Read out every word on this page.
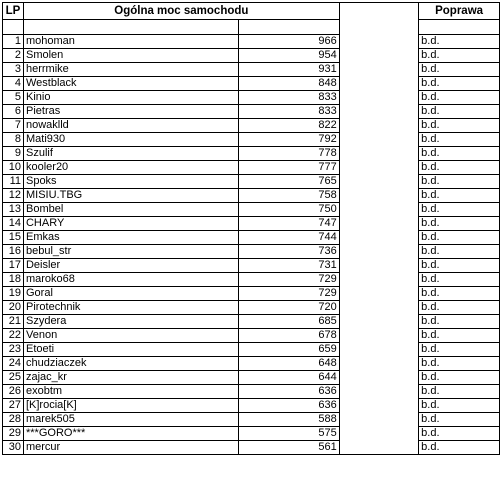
LP	Ogólna moc samochodu			Poprawa

1	mohoman	966		b.d.
2	Smolen	954		b.d.
3	herrmike	931		b.d.
4	Westblack	848		b.d.
5	Kinio	833		b.d.
6	Pietras	833		b.d.
7	nowaklld	822		b.d.
8	Mati930	792		b.d.
9	Szulif	778		b.d.
10	kooler20	777		b.d.
11	Spoks	765		b.d.
12	MISIU.TBG	758		b.d.
13	Bombel	750		b.d.
14	CHARY	747		b.d.
15	Emkas	744		b.d.
16	bebul_str	736		b.d.
17	Deisler	731		b.d.
18	maroko68	729		b.d.
19	Goral	729		b.d.
20	Pirotechnik	720		b.d.
21	Szydera	685		b.d.
22	Venon	678		b.d.
23	Etoeti	659		b.d.
24	chudziaczek	648		b.d.
25	zajac_kr	644		b.d.
26	exobtm	636		b.d.
27	[K]rocia[K]	636		b.d.
28	marek505	588		b.d.
29	***GORO***	575		b.d.
30	mercur	561		b.d.
